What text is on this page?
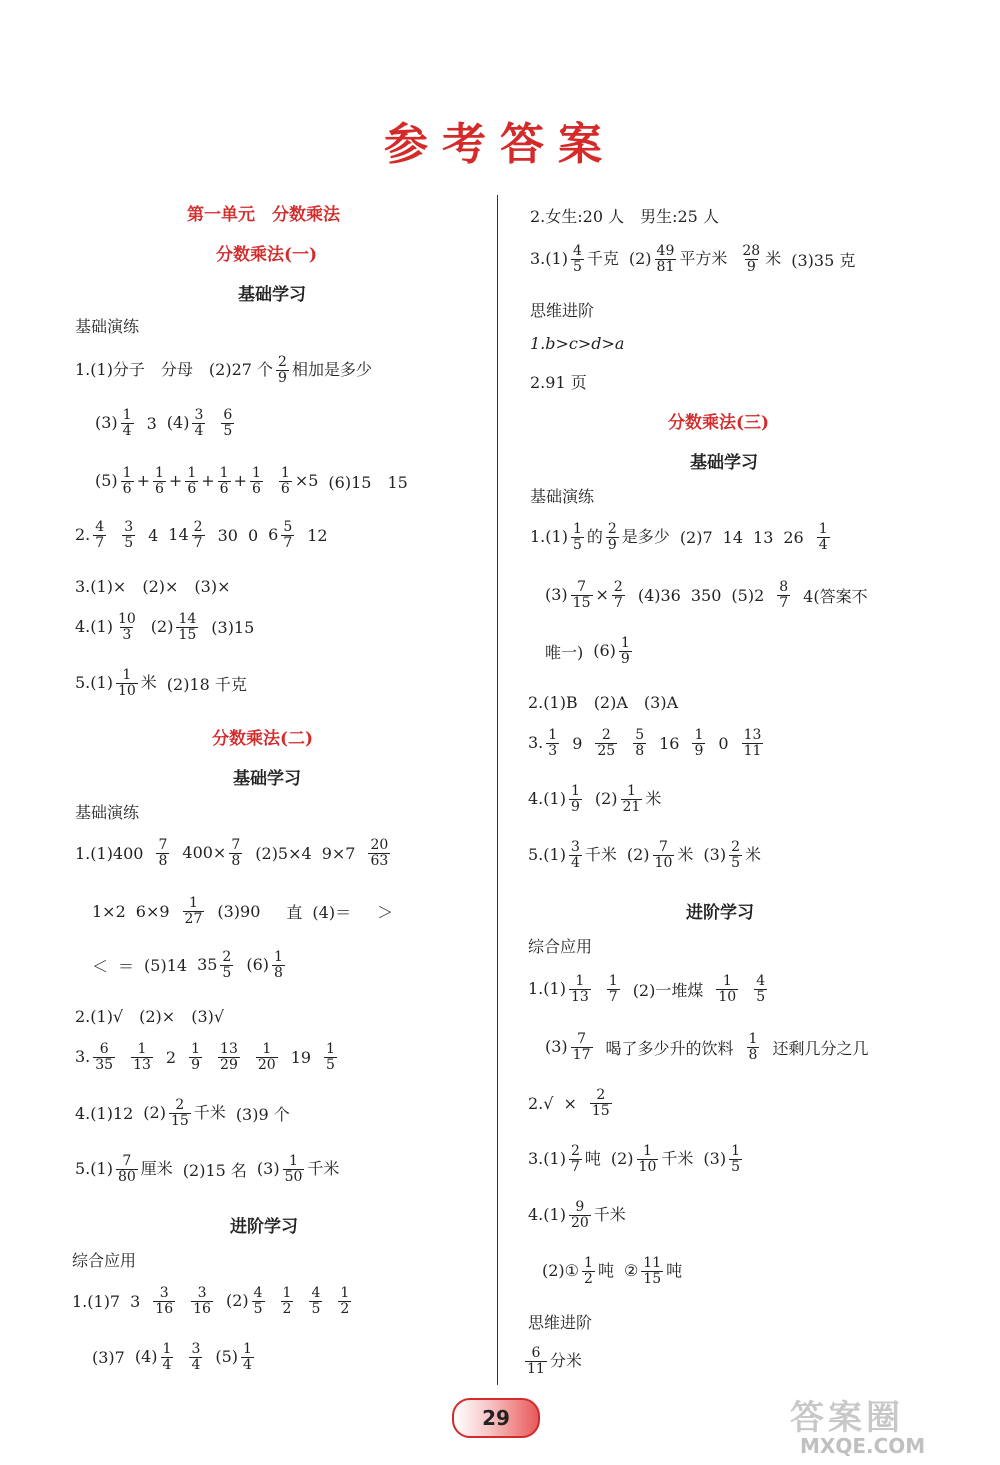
参考答案
第一单元　分数乘法
分数乘法(一)
基础学习
基础演练
1.(1)分子　分母　(2)27 个 $\frac{2}{9}$ 相加是多少
$(3) \frac{1}{4} 3$ $(4) \frac{3}{4} \frac{6}{5}$
$(5) \frac{1}{6} + \frac{1}{6} + \frac{1}{6} + \frac{1}{6} + \frac{1}{6} \frac{1}{6} \times 5$ (6)15　15
2. $\frac{4}{7} \frac{3}{5} 4$ $14 \frac{2}{7} 30$ 0 $6 \frac{5}{7} 12$
3.(1)×　(2)×　(3)×
$4.(1) \frac{10}{3} (2) \frac{14}{15} (3)15$
$5.(1) \frac{1}{10}$ 米 (2)18 千克
分数乘法(二)
基础学习
基础演练
$1.(1)400 \frac{7}{8} 400\times \frac{7}{8} (2)5\times 4$ $9\times 7 \frac{20}{63}$
1×2 $6\times 9 \frac{1}{27} (3)90$ 　直 (4)＝ 　＞
＜ ＝ (5)14 $35 \frac{2}{5} (6) \frac{1}{8}$
2.(1)√　(2)×　(3)√
3. $\frac{6}{35} \frac{1}{13} 2 \frac{1}{9} \frac{13}{29} \frac{1}{20} 19 \frac{1}{5}$
4.(1)12 $(2) \frac{2}{15}$ 千米 (3)9 个
$5.(1) \frac{7}{80}$ 厘米 (2)15 名 $(3) \frac{1}{50}$ 千米
进阶学习
综合应用
1.(1)7 $3 \frac{3}{16} \frac{3}{16} (2) \frac{4}{5} \frac{1}{2} \frac{4}{5} \frac{1}{2}$
(3)7 $(4) \frac{1}{4} \frac{3}{4} (5) \frac{1}{4}$
2.女生:20 人　男生:25 人
$3.(1) \frac{4}{5}$ 千克 $(2) \frac{49}{81}$ 平方米 $\frac{28}{9}$ 米 (3)35 克
思维进阶
1.b>c>d>a
2.91 页
分数乘法(三)
基础学习
基础演练
$1.(1) \frac{1}{5}$ 的 $\frac{2}{9}$ 是多少 (2)7 14 13 $26 \frac{1}{4}$
$(3) \frac{7}{15} \times \frac{2}{7} (4)36$ 350 $(5)2 \frac{8}{7} 4$(答案不
唯一) $(6) \frac{1}{9}$
2.(1)B　(2)A　(3)A
3. $\frac{1}{3} 9 \frac{2}{25} \frac{5}{8} 16 \frac{1}{9} 0 \frac{13}{11}$
$4.(1) \frac{1}{9} (2) \frac{1}{21}$ 米
$5.(1) \frac{3}{4}$ 千米 $(2) \frac{7}{10}$ 米 $(3) \frac{2}{5}$ 米
进阶学习
综合应用
$1.(1) \frac{1}{13} \frac{1}{7} (2)$一堆煤 $\frac{1}{10} \frac{4}{5}$
$(3) \frac{7}{17}$ 喝了多少升的饮料 $\frac{1}{8}$ 还剩几分之几
$2.√ \times \frac{2}{15}$
$3.(1) \frac{2}{7}$ 吨 $(2) \frac{1}{10}$ 千米 $(3) \frac{1}{5}$
$4.(1) \frac{9}{20}$ 千米
(2)① $\frac{1}{2}$ 吨 ② $\frac{11}{15}$ 吨
思维进阶
$\frac{6}{11}$ 分米
29	答案圈
MXQE.COM
